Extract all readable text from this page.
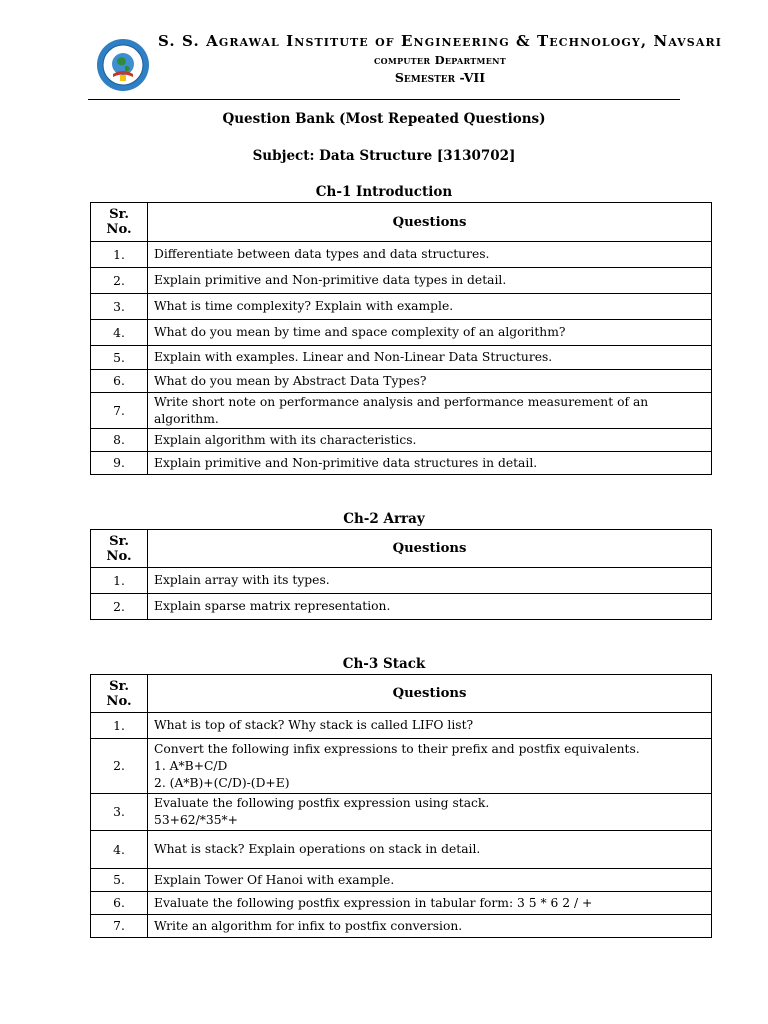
S. S. Agrawal Institute of Engineering & Technology, Navsari
computer Department
Semester -VII
Question Bank (Most Repeated Questions)
Subject: Data Structure [3130702]
Ch-1 Introduction
Sr. No.	Questions
1.	Differentiate between data types and data structures.
2.	Explain primitive and Non-primitive data types in detail.
3.	What is time complexity? Explain with example.
4.	What do you mean by time and space complexity of an algorithm?
5.	Explain with examples. Linear and Non-Linear Data Structures.
6.	What do you mean by Abstract Data Types?
7.	Write short note on performance analysis and performance measurement of an algorithm.
8.	Explain algorithm with its characteristics.
9.	Explain primitive and Non-primitive data structures in detail.
Ch-2 Array
Sr. No.	Questions
1.	Explain array with its types.
2.	Explain sparse matrix representation.
Ch-3 Stack
Sr. No.	Questions
1.	What is top of stack? Why stack is called LIFO list?
2.	Convert the following infix expressions to their prefix and postfix equivalents.
1. A*B+C/D
2. (A*B)+(C/D)-(D+E)

3.	Evaluate the following postfix expression using stack.
53+62/*35*+

4.	What is stack? Explain operations on stack in detail.
5.	Explain Tower Of Hanoi with example.
6.	Evaluate the following postfix expression in tabular form: 3 5 * 6 2 / +
7.	Write an algorithm for infix to postfix conversion.
